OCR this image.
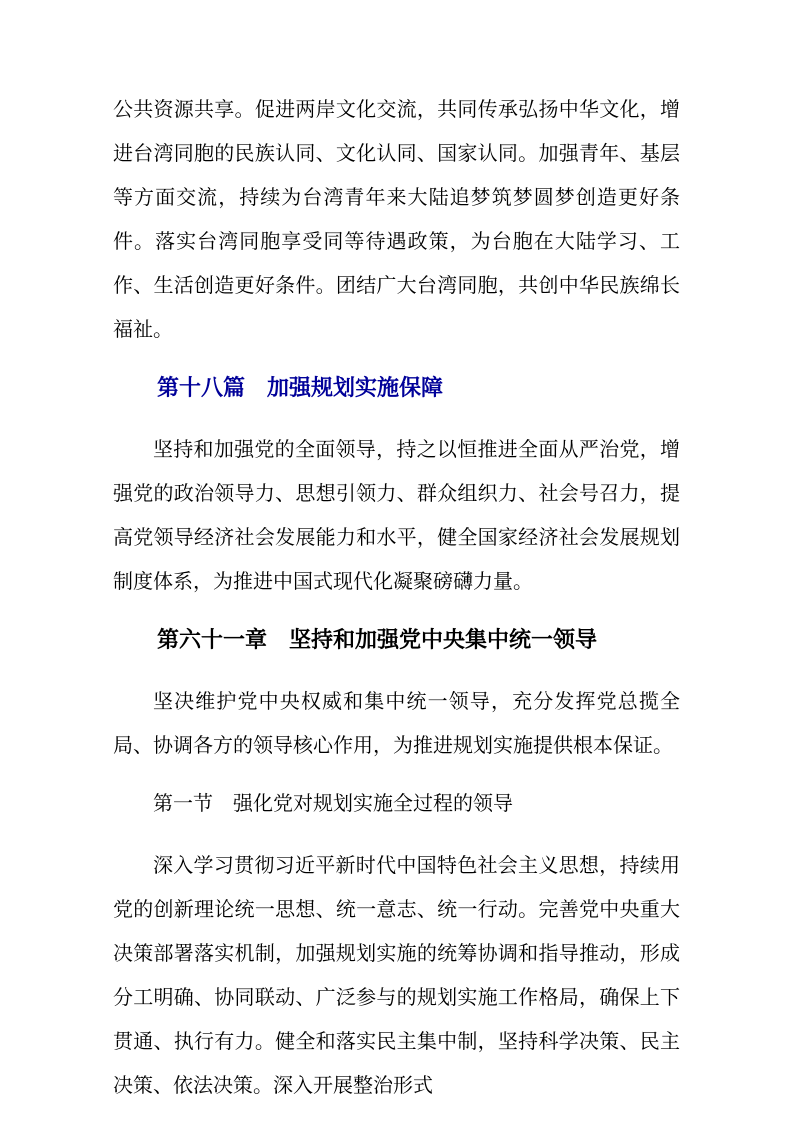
公共资源共享。促进两岸文化交流，共同传承弘扬中华文化，增进台湾同胞的民族认同、文化认同、国家认同。加强青年、基层等方面交流，持续为台湾青年来大陆追梦筑梦圆梦创造更好条件。落实台湾同胞享受同等待遇政策，为台胞在大陆学习、工作、生活创造更好条件。团结广大台湾同胞，共创中华民族绵长福祉。

第十八篇　加强规划实施保障

坚持和加强党的全面领导，持之以恒推进全面从严治党，增强党的政治领导力、思想引领力、群众组织力、社会号召力，提高党领导经济社会发展能力和水平，健全国家经济社会发展规划制度体系，为推进中国式现代化凝聚磅礴力量。

第六十一章　坚持和加强党中央集中统一领导

坚决维护党中央权威和集中统一领导，充分发挥党总揽全局、协调各方的领导核心作用，为推进规划实施提供根本保证。

第一节　强化党对规划实施全过程的领导

深入学习贯彻习近平新时代中国特色社会主义思想，持续用党的创新理论统一思想、统一意志、统一行动。完善党中央重大决策部署落实机制，加强规划实施的统筹协调和指导推动，形成分工明确、协同联动、广泛参与的规划实施工作格局，确保上下贯通、执行有力。健全和落实民主集中制，坚持科学决策、民主决策、依法决策。深入开展整治形式
